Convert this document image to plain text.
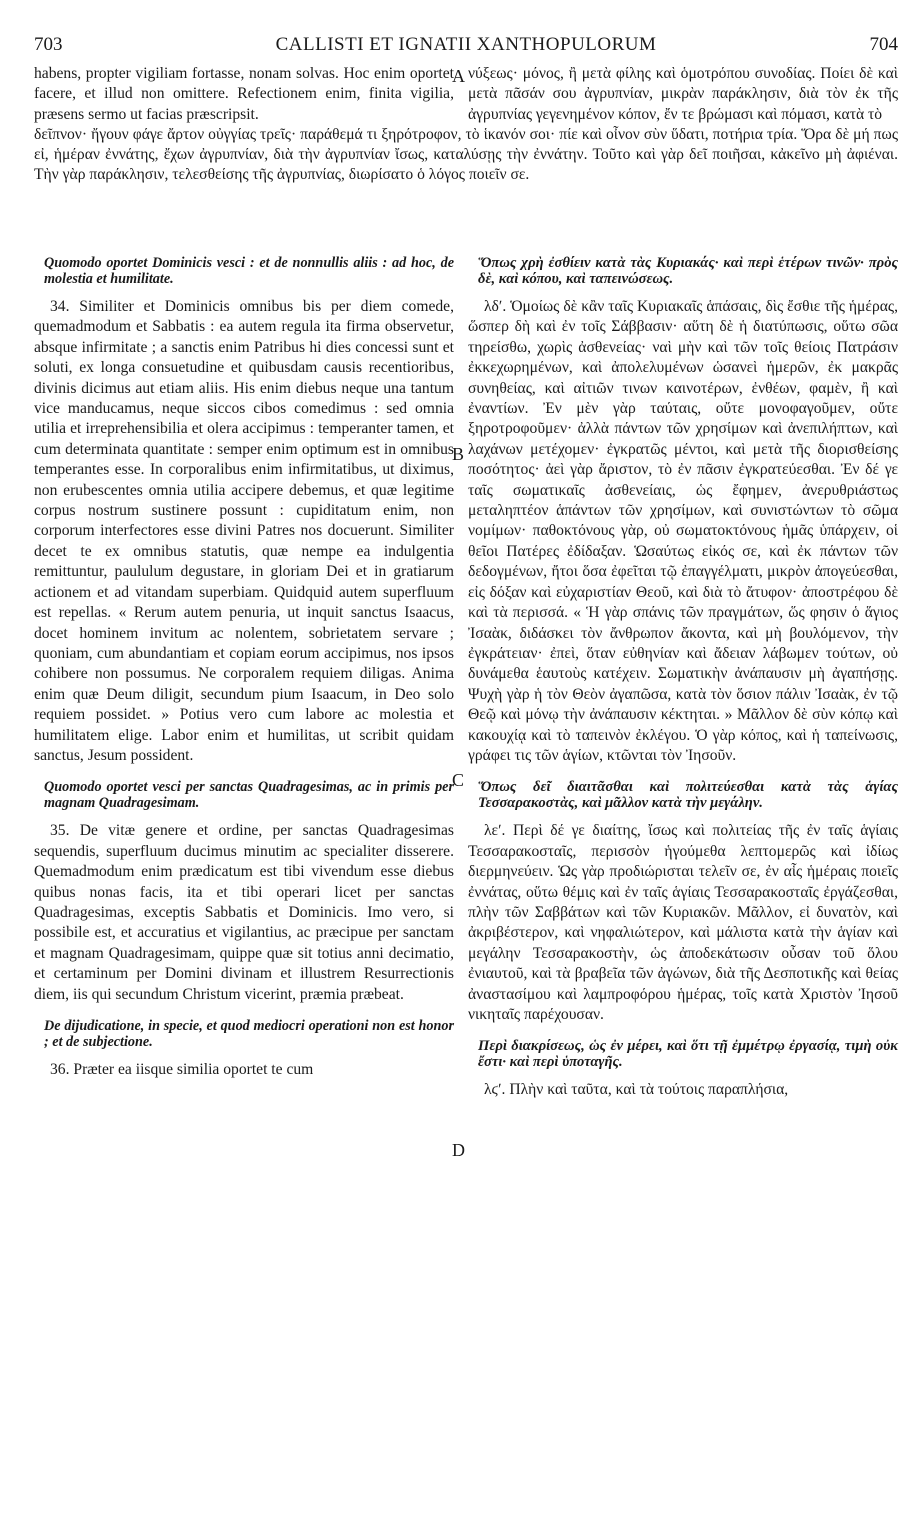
703	CALLISTI ET IGNATII XANTHOPULORUM	704
habens, propter vigiliam fortasse, nonam solvas. Hoc enim oportet facere, et illud non omittere. Refectionem enim, finita vigilia, præsens sermo ut facias præscripsit.
νύξεως· μόνος, ἢ μετὰ φίλης καὶ ὁμοτρόπου συνοδίας. Ποίει δὲ καὶ μετὰ πᾶσάν σου ἀγρυπνίαν, μικρὰν παράκλησιν, διὰ τὸν ἐκ τῆς ἀγρυπνίας γεγενημένον κόπον, ἔν τε βρώμασι καὶ πόμασι, κατὰ τὸ
δεῖπνον· ἤγουν φάγε ἄρτον οὐγγίας τρεῖς· παράθεμά τι ξηρότροφον, τὸ ἱκανόν σοι· πίε καὶ οἶνον σὺν ὕδατι, ποτήρια τρία. Ὅρα δὲ μή πως εἰ, ἡμέραν ἐννάτης, ἔχων ἀγρυπνίαν, διὰ τὴν ἀγρυπνίαν ἴσως, καταλύσῃς τὴν ἐννάτην. Τοῦτο καὶ γὰρ δεῖ ποιῆσαι, κἀκεῖνο μὴ ἀφιέναι. Τὴν γὰρ παράκλησιν, τελεσθείσης τῆς ἀγρυπνίας, διωρίσατο ὁ λόγος ποιεῖν σε.
A
B
C
D
Quomodo oportet Dominicis vesci : et de nonnullis aliis : ad hoc, de molestia et humilitate.

34. Similiter et Dominicis omnibus bis per diem comede, quemadmodum et Sabbatis : ea autem regula ita firma observetur, absque infirmitate ; a sanctis enim Patribus hi dies concessi sunt et soluti, ex longa consuetudine et quibusdam causis recentioribus, divinis dicimus aut etiam aliis. His enim diebus neque una tantum vice manducamus, neque siccos cibos comedimus : sed omnia utilia et irreprehensibilia et olera accipimus : temperanter tamen, et cum determinata quantitate : semper enim optimum est in omnibus temperantes esse. In corporalibus enim infirmitatibus, ut diximus, non erubescentes omnia utilia accipere debemus, et quæ legitime corpus nostrum sustinere possunt : cupiditatum enim, non corporum interfectores esse divini Patres nos docuerunt. Similiter decet te ex omnibus statutis, quæ nempe ea indulgentia remittuntur, paululum degustare, in gloriam Dei et in gratiarum actionem et ad vitandam superbiam. Quidquid autem superfluum est repellas. « Rerum autem penuria, ut inquit sanctus Isaacus, docet hominem invitum ac nolentem, sobrietatem servare ; quoniam, cum abundantiam et copiam eorum accipimus, nos ipsos cohibere non possumus. Ne corporalem requiem diligas. Anima enim quæ Deum diligit, secundum pium Isaacum, in Deo solo requiem possidet. » Potius vero cum labore ac molestia et humilitatem elige. Labor enim et humilitas, ut scribit quidam sanctus, Jesum possident.

Quomodo oportet vesci per sanctas Quadragesimas, ac in primis per magnam Quadragesimam.

35. De vitæ genere et ordine, per sanctas Quadragesimas sequendis, superfluum ducimus minutim ac specialiter disserere. Quemadmodum enim prædicatum est tibi vivendum esse diebus quibus nonas facis, ita et tibi operari licet per sanctas Quadragesimas, exceptis Sabbatis et Dominicis. Imo vero, si possibile est, et accuratius et vigilantius, ac præcipue per sanctam et magnam Quadragesimam, quippe quæ sit totius anni decimatio, et certaminum per Domini divinam et illustrem Resurrectionis diem, iis qui secundum Christum vicerint, præmia præbeat.

De dijudicatione, in specie, et quod mediocri operationi non est honor ; et de subjectione.

36. Præter ea iisque similia oportet te cum

Ὅπως χρὴ ἐσθίειν κατὰ τὰς Κυριακάς· καὶ περὶ ἑτέρων τινῶν· πρὸς δὲ, καὶ κόπου, καὶ ταπεινώσεως.

λδʹ. Ὁμοίως δὲ κἂν ταῖς Κυριακαῖς ἁπάσαις, δὶς ἔσθιε τῆς ἡμέρας, ὥσπερ δὴ καὶ ἐν τοῖς Σάββασιν· αὕτη δὲ ἡ διατύπωσις, οὕτω σῶα τηρείσθω, χωρὶς ἀσθενείας· ναὶ μὴν καὶ τῶν τοῖς θείοις Πατράσιν ἐκκεχωρημένων, καὶ ἀπολελυμένων ὡσανεὶ ἡμερῶν, ἐκ μακρᾶς συνηθείας, καὶ αἰτιῶν τινων καινοτέρων, ἐνθέων, φαμὲν, ἢ καὶ ἐναντίων. Ἐν μὲν γὰρ ταύταις, οὔτε μονοφαγοῦμεν, οὔτε ξηροτροφοῦμεν· ἀλλὰ πάντων τῶν χρησίμων καὶ ἀνεπιλήπτων, καὶ λαχάνων μετέχομεν· ἐγκρατῶς μέντοι, καὶ μετὰ τῆς διορισθείσης ποσότητος· ἀεὶ γὰρ ἄριστον, τὸ ἐν πᾶσιν ἐγκρατεύεσθαι. Ἐν δέ γε ταῖς σωματικαῖς ἀσθενείαις, ὡς ἔφημεν, ἀνερυθριάστως μεταληπτέον ἁπάντων τῶν χρησίμων, καὶ συνιστώντων τὸ σῶμα νομίμων· παθοκτόνους γὰρ, οὐ σωματοκτόνους ἡμᾶς ὑπάρχειν, οἱ θεῖοι Πατέρες ἐδίδαξαν. Ὡσαύτως εἰκός σε, καὶ ἐκ πάντων τῶν δεδογμένων, ἤτοι ὅσα ἐφεῖται τῷ ἐπαγγέλματι, μικρὸν ἀπογεύεσθαι, εἰς δόξαν καὶ εὐχαριστίαν Θεοῦ, καὶ διὰ τὸ ἄτυφον· ἀποστρέφου δὲ καὶ τὰ περισσά. « Ἡ γὰρ σπάνις τῶν πραγμάτων, ὥς φησιν ὁ ἅγιος Ἰσαὰκ, διδάσκει τὸν ἄνθρωπον ἄκοντα, καὶ μὴ βουλόμενον, τὴν ἐγκράτειαν· ἐπεὶ, ὅταν εὐθηνίαν καὶ ἄδειαν λάβωμεν τούτων, οὐ δυνάμεθα ἑαυτοὺς κατέχειν. Σωματικὴν ἀνάπαυσιν μὴ ἀγαπήσῃς. Ψυχὴ γὰρ ἡ τὸν Θεὸν ἀγαπῶσα, κατὰ τὸν ὅσιον πάλιν Ἰσαὰκ, ἐν τῷ Θεῷ καὶ μόνῳ τὴν ἀνάπαυσιν κέκτηται. » Μᾶλλον δὲ σὺν κόπῳ καὶ κακουχίᾳ καὶ τὸ ταπεινὸν ἐκλέγου. Ὁ γὰρ κόπος, καὶ ἡ ταπείνωσις, γράφει τις τῶν ἁγίων, κτῶνται τὸν Ἰησοῦν.

Ὅπως δεῖ διαιτᾶσθαι καὶ πολιτεύεσθαι κατὰ τὰς ἁγίας Τεσσαρακοστὰς, καὶ μᾶλλον κατὰ τὴν μεγάλην.

λεʹ. Περὶ δέ γε διαίτης, ἴσως καὶ πολιτείας τῆς ἐν ταῖς ἁγίαις Τεσσαρακοσταῖς, περισσὸν ἡγούμεθα λεπτομερῶς καὶ ἰδίως διερμηνεύειν. Ὡς γὰρ προδιώρισται τελεῖν σε, ἐν αἷς ἡμέραις ποιεῖς ἐννάτας, οὕτω θέμις καὶ ἐν ταῖς ἁγίαις Τεσσαρακοσταῖς ἐργάζεσθαι, πλὴν τῶν Σαββάτων καὶ τῶν Κυριακῶν. Μᾶλλον, εἰ δυνατὸν, καὶ ἀκριβέστερον, καὶ νηφαλιώτερον, καὶ μάλιστα κατὰ τὴν ἁγίαν καὶ μεγάλην Τεσσαρακοστὴν, ὡς ἀποδεκάτωσιν οὖσαν τοῦ ὅλου ἐνιαυτοῦ, καὶ τὰ βραβεῖα τῶν ἀγώνων, διὰ τῆς Δεσποτικῆς καὶ θείας ἀναστασίμου καὶ λαμπροφόρου ἡμέρας, τοῖς κατὰ Χριστὸν Ἰησοῦ νικηταῖς παρέχουσαν.

Περὶ διακρίσεως, ὡς ἐν μέρει, καὶ ὅτι τῇ ἐμμέτρῳ ἐργασίᾳ, τιμὴ οὐκ ἔστι· καὶ περὶ ὑποταγῆς.

λϛʹ. Πλὴν καὶ ταῦτα, καὶ τὰ τούτοις παραπλήσια,
